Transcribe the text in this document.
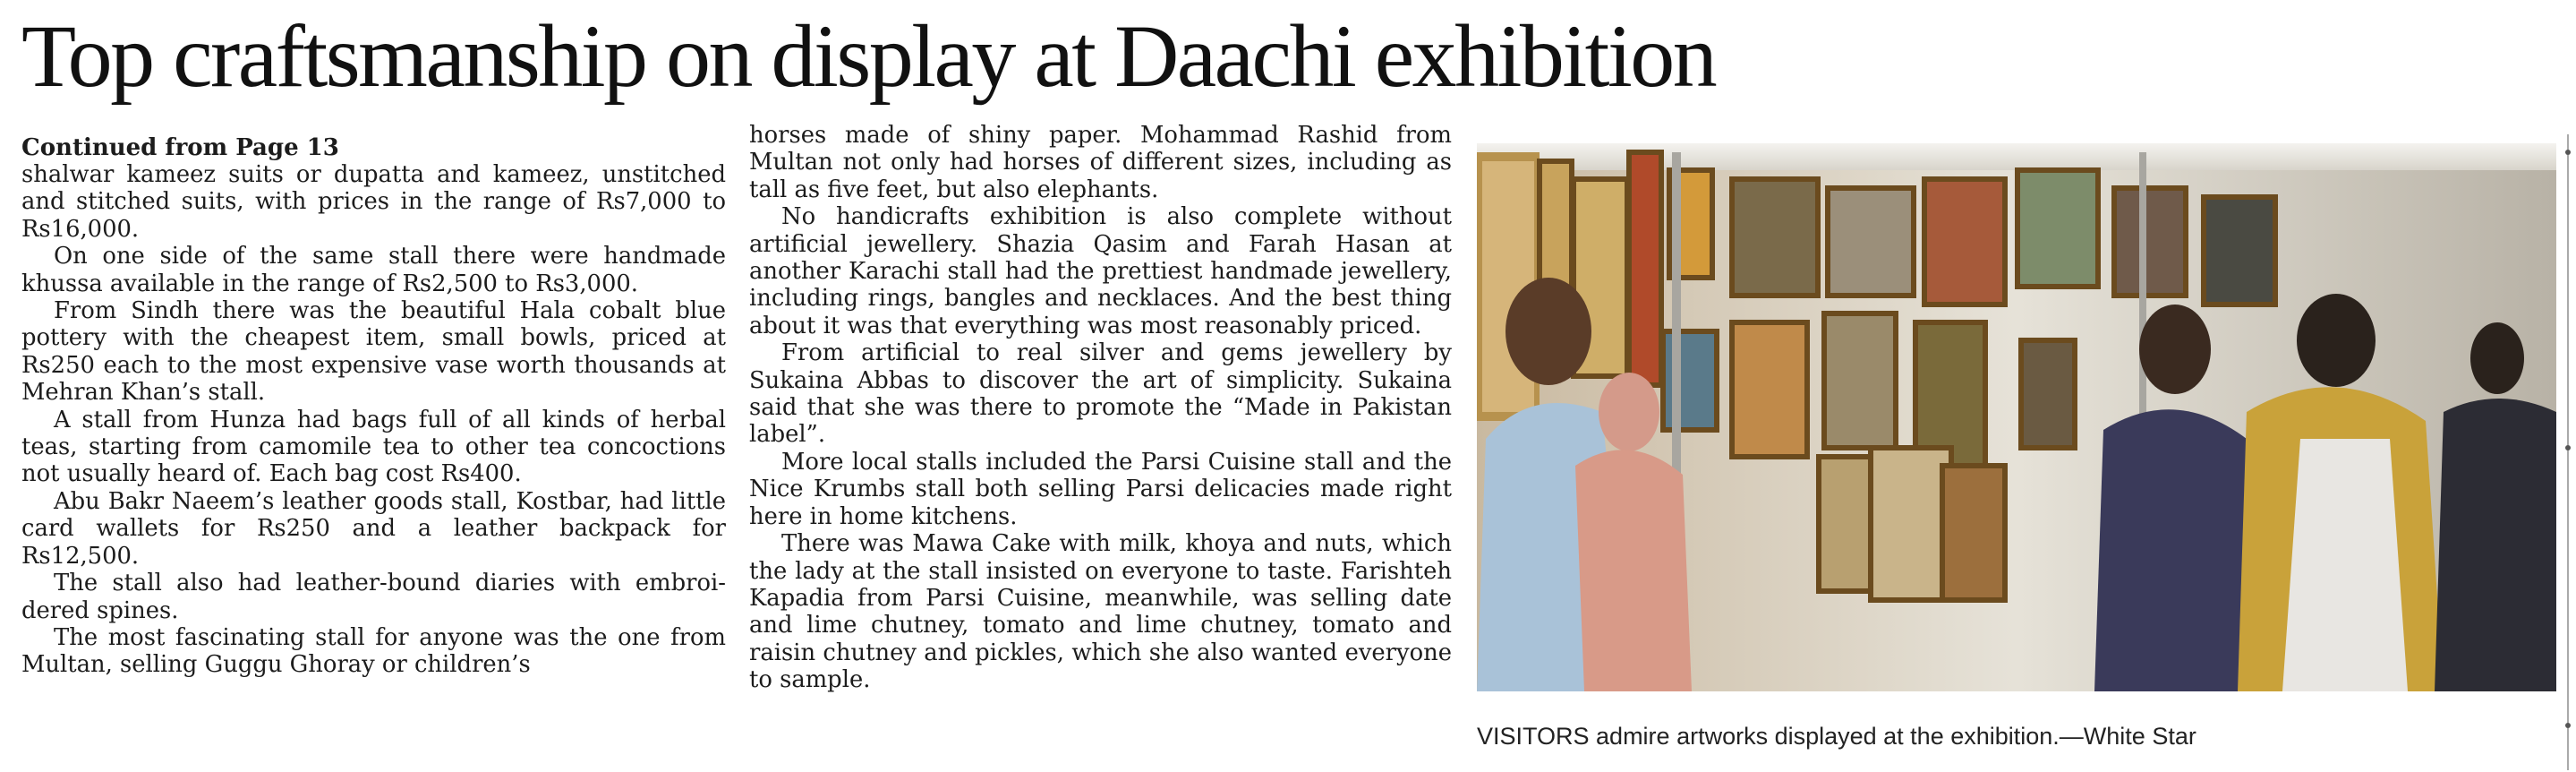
Top craftsmanship on display at Daachi exhibition

Continued from Page 13

shalwar kameez suits or dupatta and kameez, unstitched and stitched suits, with prices in the range of Rs7,000 to Rs16,000.

On one side of the same stall there were handmade khussa available in the range of Rs2,500 to Rs3,000.

From Sindh there was the beautiful Hala cobalt blue pottery with the cheapest item, small bowls, priced at Rs250 each to the most expensive vase worth thousands at Mehran Khan’s stall.

A stall from Hunza had bags full of all kinds of herbal teas, starting from camomile tea to other tea concoctions not usually heard of. Each bag cost Rs400.

Abu Bakr Naeem’s leather goods stall, Kostbar, had little card wallets for Rs250 and a leather backpack for Rs12,500.

The stall also had leather-bound diaries with embroidered spines.

The most fascinating stall for anyone was the one from Multan, selling Guggu Ghoray or children’s

horses made of shiny paper. Mohammad Rashid from Multan not only had horses of different sizes, including as tall as five feet, but also elephants.

No handicrafts exhibition is also complete without artificial jewellery. Shazia Qasim and Farah Hasan at another Karachi stall had the prettiest handmade jewellery, including rings, bangles and necklaces. And the best thing about it was that everything was most reasonably priced.

From artificial to real silver and gems jewellery by Sukaina Abbas to discover the art of simplicity. Sukaina said that she was there to promote the “Made in Pakistan label”.

More local stalls included the Parsi Cuisine stall and the Nice Krumbs stall both selling Parsi delicacies made right here in home kitchens.

There was Mawa Cake with milk, khoya and nuts, which the lady at the stall insisted on everyone to taste. Farishteh Kapadia from Parsi Cuisine, meanwhile, was selling date and lime chutney, tomato and lime chutney, tomato and raisin chutney and pickles, which she also wanted everyone to sample.

VISITORS admire artworks displayed at the exhibition.—White Star
